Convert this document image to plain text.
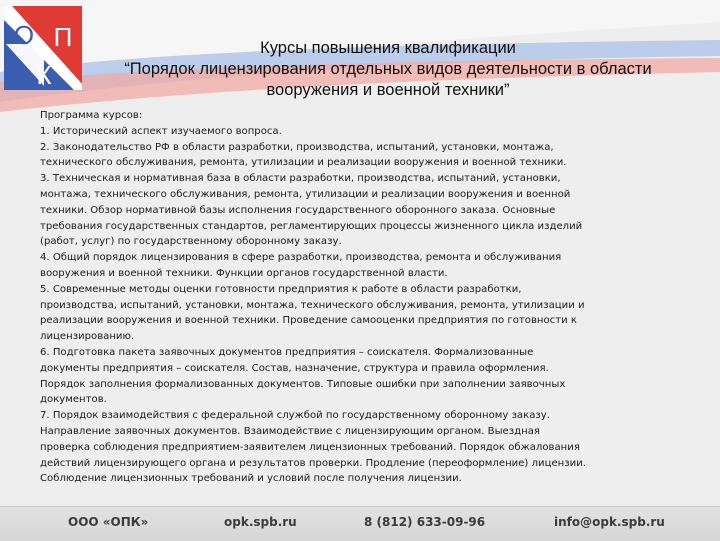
О П
К
Курсы повышения квалификации
“Порядок лицензирования отдельных видов деятельности в области
вооружения и военной техники”

Программа курсов:

1. Исторический аспект изучаемого вопроса.

2. Законодательство РФ в области разработки, производства, испытаний, установки, монтажа,

технического обслуживания, ремонта, утилизации и реализации вооружения и военной техники.

3. Техническая и нормативная база в области разработки, производства, испытаний, установки,

монтажа, технического обслуживания, ремонта, утилизации и реализации вооружения и военной

техники. Обзор нормативной базы исполнения государственного оборонного заказа. Основные

требования государственных стандартов, регламентирующих процессы жизненного цикла изделий

(работ, услуг) по государственному оборонному заказу.

4. Общий порядок лицензирования в сфере разработки, производства, ремонта и обслуживания

вооружения и военной техники. Функции органов государственной власти.

5. Современные методы оценки готовности предприятия к работе в области разработки,

производства, испытаний, установки, монтажа, технического обслуживания, ремонта, утилизации и

реализации вооружения и военной техники. Проведение самооценки предприятия по готовности к

лицензированию.

6. Подготовка пакета заявочных документов предприятия – соискателя. Формализованные

документы предприятия – соискателя. Состав, назначение, структура и правила оформления.

Порядок заполнения формализованных документов. Типовые ошибки при заполнении заявочных

документов.

7. Порядок взаимодействия с федеральной службой по государственному оборонному заказу.

Направление заявочных документов. Взаимодействие с лицензирующим органом. Выездная

проверка соблюдения предприятием-заявителем лицензионных требований. Порядок обжалования

действий лицензирующего органа и результатов проверки. Продление (переоформление) лицензии.

Соблюдение лицензионных требований и условий после получения лицензии.

ООО «ОПК»	opk.spb.ru	8 (812) 633-09-96	info@opk.spb.ru
